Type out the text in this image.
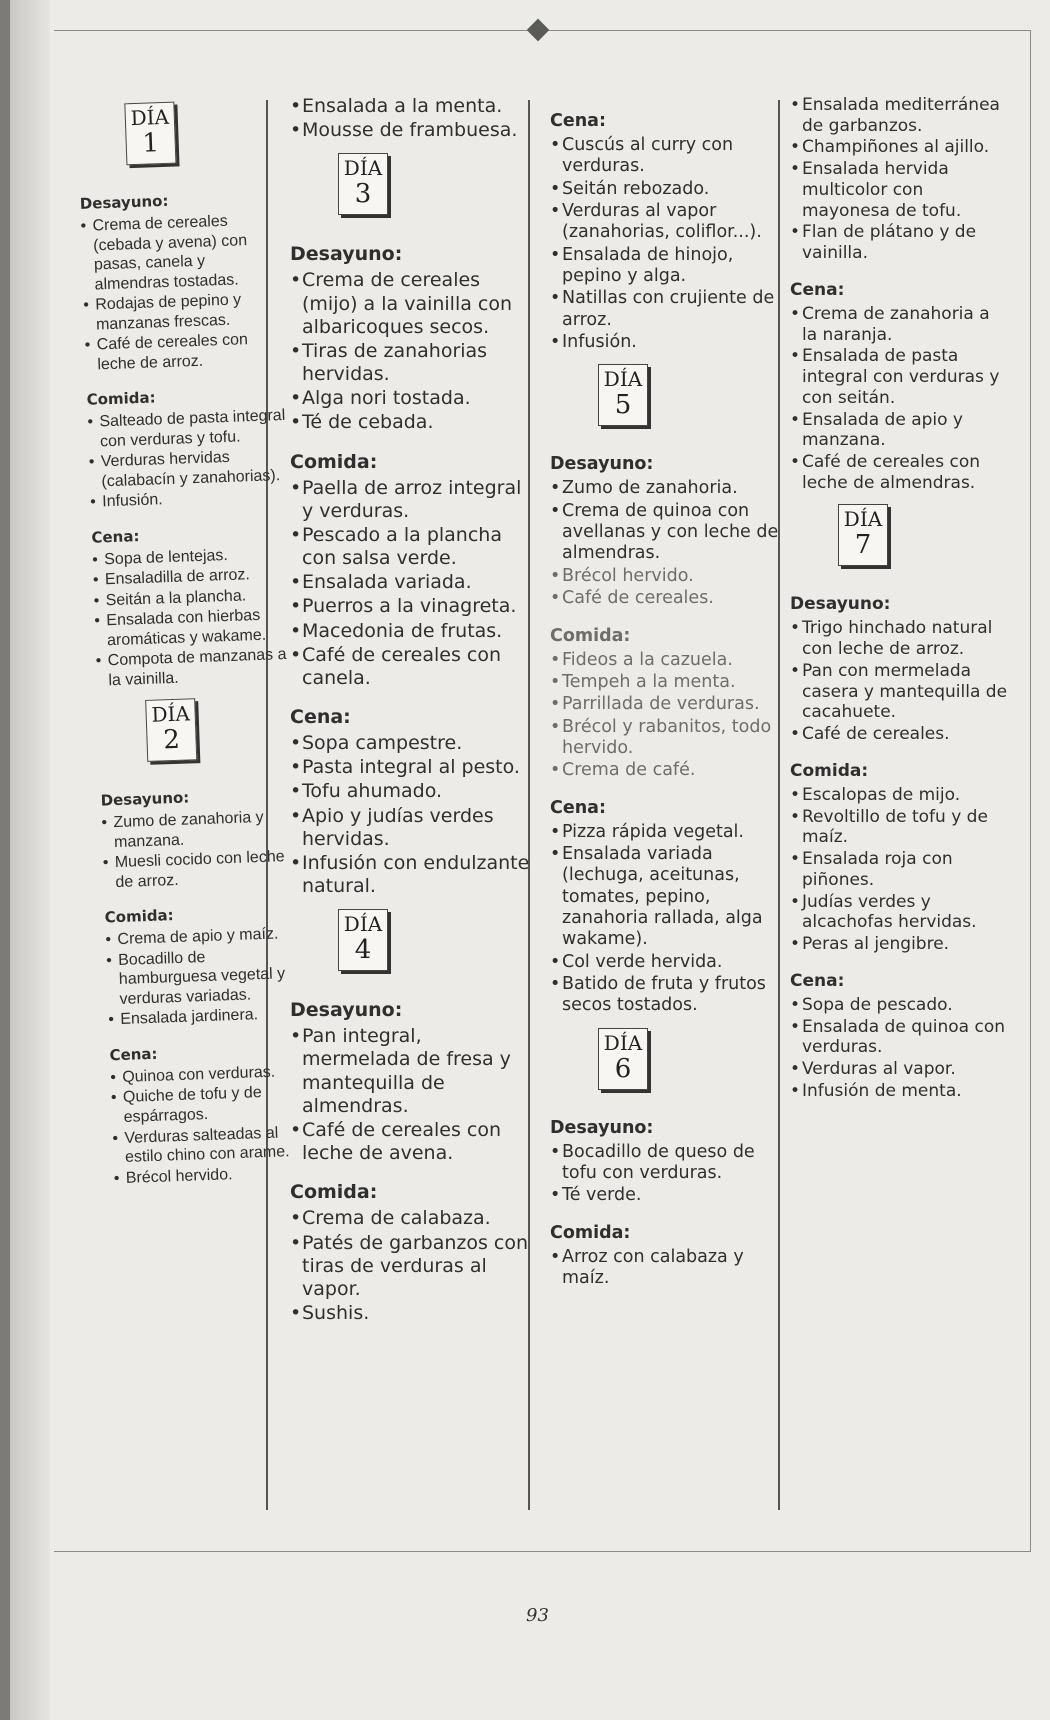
DÍA
1
Desayuno:
• Crema de cereales (cebada y avena) con pasas, canela y almendras tostadas.
• Rodajas de pepino y manzanas frescas.
• Café de cereales con leche de arroz.
Comida:
• Salteado de pasta integral con verduras y tofu.
• Verduras hervidas (calabacín y zanahorias).
• Infusión.
Cena:
• Sopa de lentejas.
• Ensaladilla de arroz.
• Seitán a la plancha.
• Ensalada con hierbas aromáticas y wakame.
• Compota de manzanas a la vainilla.
DÍA
2
Desayuno:
• Zumo de zanahoria y manzana.
• Muesli cocido con leche de arroz.
Comida:
• Crema de apio y maíz.
• Bocadillo de hamburguesa vegetal y verduras variadas.
• Ensalada jardinera.
Cena:
• Quinoa con verduras.
• Quiche de tofu y de espárragos.
• Verduras salteadas al estilo chino con arame.
• Brécol hervido.
• Ensalada a la menta.
• Mousse de frambuesa.
DÍA
3
Desayuno:
• Crema de cereales (mijo) a la vainilla con albaricoques secos.
• Tiras de zanahorias hervidas.
• Alga nori tostada.
• Té de cebada.
Comida:
• Paella de arroz integral y verduras.
• Pescado a la plancha con salsa verde.
• Ensalada variada.
• Puerros a la vinagreta.
• Macedonia de frutas.
• Café de cereales con canela.
Cena:
• Sopa campestre.
• Pasta integral al pesto.
• Tofu ahumado.
• Apio y judías verdes hervidas.
• Infusión con endulzante natural.
DÍA
4
Desayuno:
• Pan integral, mermelada de fresa y mantequilla de almendras.
• Café de cereales con leche de avena.
Comida:
• Crema de calabaza.
• Patés de garbanzos con tiras de verduras al vapor.
• Sushis.
Cena:
• Cuscús al curry con verduras.
• Seitán rebozado.
• Verduras al vapor (zanahorias, coliflor...).
• Ensalada de hinojo, pepino y alga.
• Natillas con crujiente de arroz.
• Infusión.
DÍA
5
Desayuno:
• Zumo de zanahoria.
• Crema de quinoa con avellanas y con leche de almendras.
• Brécol hervido.
• Café de cereales.
Comida:
• Fideos a la cazuela.
• Tempeh a la menta.
• Parrillada de verduras.
• Brécol y rabanitos, todo hervido.
• Crema de café.
Cena:
• Pizza rápida vegetal.
• Ensalada variada (lechuga, aceitunas, tomates, pepino, zanahoria rallada, alga wakame).
• Col verde hervida.
• Batido de fruta y frutos secos tostados.
DÍA
6
Desayuno:
• Bocadillo de queso de tofu con verduras.
• Té verde.
Comida:
• Arroz con calabaza y maíz.
• Ensalada mediterránea de garbanzos.
• Champiñones al ajillo.
• Ensalada hervida multicolor con mayonesa de tofu.
• Flan de plátano y de vainilla.
Cena:
• Crema de zanahoria a la naranja.
• Ensalada de pasta integral con verduras y con seitán.
• Ensalada de apio y manzana.
• Café de cereales con leche de almendras.
DÍA
7
Desayuno:
• Trigo hinchado natural con leche de arroz.
• Pan con mermelada casera y mantequilla de cacahuete.
• Café de cereales.
Comida:
• Escalopas de mijo.
• Revoltillo de tofu y de maíz.
• Ensalada roja con piñones.
• Judías verdes y alcachofas hervidas.
• Peras al jengibre.
Cena:
• Sopa de pescado.
• Ensalada de quinoa con verduras.
• Verduras al vapor.
• Infusión de menta.
93
